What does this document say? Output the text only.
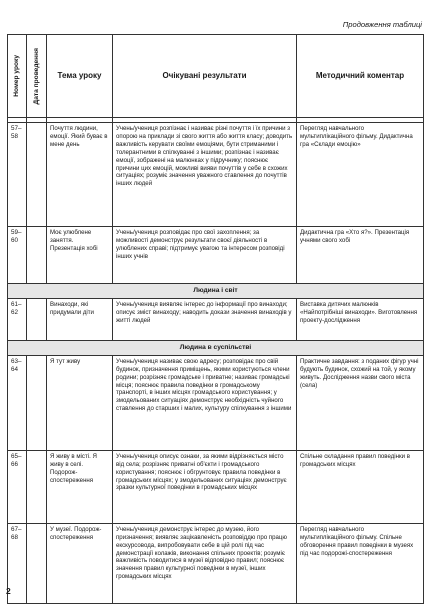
Продовження таблиці
Номер уроку	Дата проведення	Тема уроку	Очікувані результати	Методичний коментар

57–58		Почуття людини, емоції. Який буває в мене день	Учень/учениця розпізнає і називає різні почуття і їх причини з опорою на приклади зі свого життя або життя класу; доводить важливість керувати своїми емоціями, бути стриманими і толерантними в спілкуванні з іншими; розпізнає і називає емоції, зображені на малюнках у підручнику; пояснює причини цих емоцій, можливі вияви почуттів у себе в схожих ситуаціях; розуміє значення уважного ставлення до почуттів інших людей	Перегляд навчального мультиплікаційного фільму. Дидактична гра «Склади емоцію»
59–60		Моє улюблене заняття. Презентація хобі	Учень/учениця розповідає про свої захоплення; за можливості демонструє результати своєї діяльності в улюблених справі; підтримує увагою та інтересом розповіді інших учнів	Дидактична гра «Хто я?». Презентація учнями свого хобі
Людина і світ				
61–62		Винаходи, які придумали діти	Учень/учениця виявляє інтерес до інформації про винаходи; описує зміст винаходу; наводить докази значення винаходів у житті людей	Виставка дитячих малюнків «Найпотрібніші винаходи». Виготовлення проекту-дослідження
Людина в суспільстві				
63–64		Я тут живу	Учень/учениця називає свою адресу; розповідає про свій будинок, призначення приміщень, якими користуються члени родини; розрізняє громадське і приватне; називає громадські місця; пояснює правила поведінки в громадському транспорті, в інших місцях громадського користування; у змодельованих ситуаціях демонструє необхідність чуйного ставлення до старших і малих, культуру спілкування з іншими	Практичне завдання: з поданих фігур учні будують будинок, схожий на той, у якому живуть. Дослідження назви свого міста (села)
65–66		Я живу в місті. Я живу в селі. Подорож-спостереження	Учень/учениця описує ознаки, за якими відрізняється місто від села; розрізняє приватні об'єкти і громадського користування; пояснює і обгрунтовує правила поведінки в громадських місцях; у змодельованих ситуаціях демонструє зразки культурної поведінки в громадських місцях	Спільне складання правил поведінки в громадських місцях
67–68		У музеї. Подорож-спостереження	Учень/учениця демонструє інтерес до музею, його призначення; виявляє зацікавленість розповіддю про працю екскурсовода, випробовувати себе в цій ролі під час демонстрації колажів, виконання спільних проектів; розуміє важливість поводитися в музеї відповідно правил; пояснює значення правил культурної поведінки в музеї, інших громадських місцях	Перегляд навчального мультиплікаційного фільму. Спільне обговорення правил поведінки в музеях під час подорожі-спостереження
2
